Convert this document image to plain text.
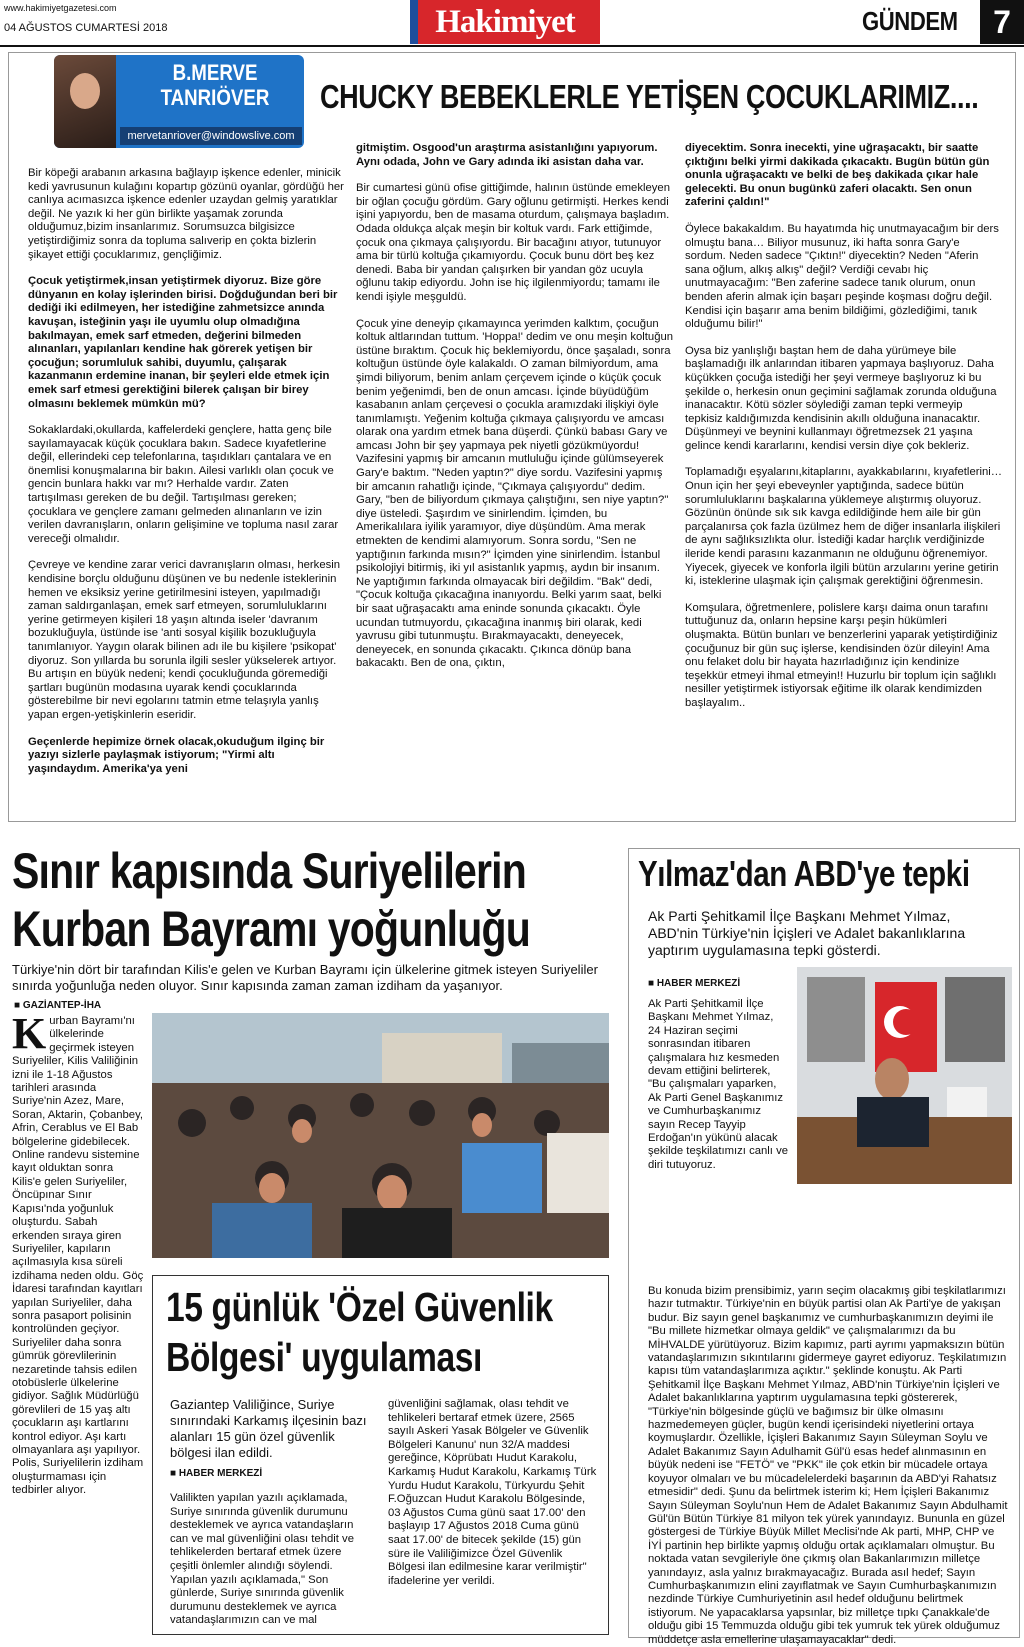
www.hakimiyetgazetesi.com
04 AĞUSTOS CUMARTESİ 2018	Hakimiyet	GÜNDEM	7
B.MERVE TANRIÖVER
mervetanriover@windowslive.com
CHUCKY BEBEKLERLE YETİŞEN ÇOCUKLARIMIZ....

Bir köpeği arabanın arkasına bağlayıp işkence edenler, minicik kedi yavrusunun kulağını kopartıp gözünü oyanlar, gördüğü her canlıya acımasızca işkence edenler uzaydan gelmiş yaratıklar değil. Ne yazık ki her gün birlikte yaşamak zorunda olduğumuz,bizim insanlarımız. Sorumsuzca bilgisizce yetiştirdiğimiz sonra da topluma salıverip en çokta bizlerin şikayet ettiği çocuklarımız, gençliğimiz.

Çocuk yetiştirmek,insan yetiştirmek diyoruz. Bize göre dünyanın en kolay işlerinden birisi. Doğduğundan beri bir dediği iki edilmeyen, her istediğine zahmetsizce anında kavuşan, isteğinin yaşı ile uyumlu olup olmadığına bakılmayan, emek sarf etmeden, değerini bilmeden alınanları, yapılanları kendine hak görerek yetişen bir çocuğun; sorumluluk sahibi, duyumlu, çalışarak kazanmanın erdemine inanan, bir şeyleri elde etmek için emek sarf etmesi gerektiğini bilerek çalışan bir birey olmasını beklemek mümkün mü?

Sokaklardaki,okullarda, kaffelerdeki gençlere, hatta genç bile sayılamayacak küçük çocuklara bakın. Sadece kıyafetlerine değil, ellerindeki cep telefonlarına, taşıdıkları çantalara ve en önemlisi konuşmalarına bir bakın. Ailesi varlıklı olan çocuk ve gencin bunlara hakkı var mı? Herhalde vardır. Zaten tartışılması gereken de bu değil. Tartışılması gereken; çocuklara ve gençlere zamanı gelmeden alınanların ve izin verilen davranışların, onların gelişimine ve topluma nasıl zarar vereceği olmalıdır.

Çevreye ve kendine zarar verici davranışların olması, herkesin kendisine borçlu olduğunu düşünen ve bu nedenle isteklerinin hemen ve eksiksiz yerine getirilmesini isteyen, yapılmadığı zaman saldırganlaşan, emek sarf etmeyen, sorumluluklarını yerine getirmeyen kişileri 18 yaşın altında iseler 'davranım bozukluğuyla, üstünde ise 'anti sosyal kişilik bozukluğuyla tanımlanıyor. Yaygın olarak bilinen adı ile bu kişilere 'psikopat' diyoruz. Son yıllarda bu sorunla ilgili sesler yükselerek artıyor. Bu artışın en büyük nedeni; kendi çocukluğunda göremediği şartları bugünün modasına uyarak kendi çocuklarında gösterebilme bir nevi egolarını tatmin etme telaşıyla yanlış yapan ergen-yetişkinlerin eseridir.

Geçenlerde hepimize örnek olacak,okuduğum ilginç bir yazıyı sizlerle paylaşmak istiyorum; "Yirmi altı yaşındaydım. Amerika'ya yeni

gitmiştim. Osgood'un araştırma asistanlığını yapıyorum. Aynı odada, John ve Gary adında iki asistan daha var.

Bir cumartesi günü ofise gittiğimde, halının üstünde emekleyen bir oğlan çocuğu gördüm. Gary oğlunu getirmişti. Herkes kendi işini yapıyordu, ben de masama oturdum, çalışmaya başladım. Odada oldukça alçak meşin bir koltuk vardı. Fark ettiğimde, çocuk ona çıkmaya çalışıyordu. Bir bacağını atıyor, tutunuyor ama bir türlü koltuğa çıkamıyordu. Çocuk bunu dört beş kez denedi. Baba bir yandan çalışırken bir yandan göz ucuyla oğlunu takip ediyordu. John ise hiç ilgilenmiyordu; tamamı ile kendi işiyle meşguldü.

Çocuk yine deneyip çıkamayınca yerimden kalktım, çocuğun koltuk altlarından tuttum. 'Hoppa!' dedim ve onu meşin koltuğun üstüne bıraktım. Çocuk hiç beklemiyordu, önce şaşaladı, sonra koltuğun üstünde öyle kalakaldı. O zaman bilmiyordum, ama şimdi biliyorum, benim anlam çerçevem içinde o küçük çocuk benim yeğenimdi, ben de onun amcası. İçinde büyüdüğüm kasabanın anlam çerçevesi o çocukla aramızdaki ilişkiyi öyle tanımlamıştı. Yeğenim koltuğa çıkmaya çalışıyordu ve amcası olarak ona yardım etmek bana düşerdi. Çünkü babası Gary ve amcası John bir şey yapmaya pek niyetli gözükmüyordu! Vazifesini yapmış bir amcanın mutluluğu içinde gülümseyerek Gary'e baktım. "Neden yaptın?" diye sordu. Vazifesini yapmış bir amcanın rahatlığı içinde, "Çıkmaya çalışıyordu" dedim. Gary, "ben de biliyordum çıkmaya çalıştığını, sen niye yaptın?" diye üsteledi. Şaşırdım ve sinirlendim. İçimden, bu Amerikalılara iyilik yaramıyor, diye düşündüm. Ama merak etmekten de kendimi alamıyorum. Sonra sordu, "Sen ne yaptığının farkında mısın?" İçimden yine sinirlendim. İstanbul psikolojiyi bitirmiş, iki yıl asistanlık yapmış, aydın bir insanım. Ne yaptığımın farkında olmayacak biri değildim. "Bak" dedi, "Çocuk koltuğa çıkacağına inanıyordu. Belki yarım saat, belki bir saat uğraşacaktı ama eninde sonunda çıkacaktı. Öyle ucundan tutmuyordu, çıkacağına inanmış biri olarak, kedi yavrusu gibi tutunmuştu. Bırakmayacaktı, deneyecek, deneyecek, en sonunda çıkacaktı. Çıkınca dönüp bana bakacaktı. Ben de ona, çıktın,

diyecektim. Sonra inecekti, yine uğraşacaktı, bir saatte çıktığını belki yirmi dakikada çıkacaktı. Bugün bütün gün onunla uğraşacaktı ve belki de beş dakikada çıkar hale gelecekti. Bu onun bugünkü zaferi olacaktı. Sen onun zaferini çaldın!"

Öylece bakakaldım. Bu hayatımda hiç unutmayacağım bir ders olmuştu bana… Biliyor musunuz, iki hafta sonra Gary'e sordum. Neden sadece "Çıktın!" diyecektin? Neden "Aferin sana oğlum, alkış alkış" değil? Verdiği cevabı hiç unutmayacağım: "Ben zaferine sadece tanık olurum, onun benden aferin almak için başarı peşinde koşması doğru değil. Kendisi için başarır ama benim bildiğimi, gözlediğimi, tanık olduğumu bilir!"

Oysa biz yanlışlığı baştan hem de daha yürümeye bile başlamadığı ilk anlarından itibaren yapmaya başlıyoruz. Daha küçükken çocuğa istediği her şeyi vermeye başlıyoruz ki bu şekilde o, herkesin onun geçimini sağlamak zorunda olduğuna inanacaktır. Kötü sözler söylediği zaman tepki vermeyip tepkisiz kaldığımızda kendisinin akıllı olduğuna inanacaktır. Düşünmeyi ve beynini kullanmayı öğretmezsek 21 yaşına gelince kendi kararlarını, kendisi versin diye çok bekleriz.

Toplamadığı eşyalarını,kitaplarını, ayakkabılarını, kıyafetlerini… Onun için her şeyi ebeveynler yaptığında, sadece bütün sorumluluklarını başkalarına yüklemeye alıştırmış oluyoruz. Gözünün önünde sık sık kavga edildiğinde hem aile bir gün parçalanırsa çok fazla üzülmez hem de diğer insanlarla ilişkileri de aynı sağlıksızlıkta olur. İstediği kadar harçlık verdiğinizde ileride kendi parasını kazanmanın ne olduğunu öğrenemiyor. Yiyecek, giyecek ve konforla ilgili bütün arzularını yerine getirin ki, isteklerine ulaşmak için çalışmak gerektiğini öğrenmesin.

Komşulara, öğretmenlere, polislere karşı daima onun tarafını tuttuğunuz da, onların hepsine karşı peşin hükümleri oluşmakta. Bütün bunları ve benzerlerini yaparak yetiştirdiğiniz çocuğunuz bir gün suç işlerse, kendisinden özür dileyin! Ama onu felaket dolu bir hayata hazırladığınız için kendinize teşekkür etmeyi ihmal etmeyin!! Huzurlu bir toplum için sağlıklı nesiller yetiştirmek istiyorsak eğitime ilk olarak kendimizden başlayalım..

Sınır kapısında Suriyelilerin Kurban Bayramı yoğunluğu

Türkiye'nin dört bir tarafından Kilis'e gelen ve Kurban Bayramı için ülkelerine gitmek isteyen Suriyeliler sınırda yoğunluğa neden oluyor. Sınır kapısında zaman zaman izdiham da yaşanıyor.

■ GAZİANTEP-İHA
Kurban Bayramı'nı ülkelerinde geçirmek isteyen Suriyeliler, Kilis Valiliğinin izni ile 1-18 Ağustos tarihleri arasında Suriye'nin Azez, Mare, Soran, Aktarin, Çobanbey, Afrin, Cerablus ve El Bab bölgelerine gidebilecek. Online randevu sistemine kayıt olduktan sonra Kilis'e gelen Suriyeliler, Öncüpınar Sınır Kapısı'nda yoğunluk oluşturdu. Sabah erkenden sıraya giren Suriyeliler, kapıların açılmasıyla kısa süreli izdihama neden oldu. Göç İdaresi tarafından kayıtları yapılan Suriyeliler, daha sonra pasaport polisinin kontrolünden geçiyor. Suriyeliler daha sonra gümrük görevlilerinin nezaretinde tahsis edilen otobüslerle ülkelerine gidiyor. Sağlık Müdürlüğü görevlileri de 15 yaş altı çocukların aşı kartlarını kontrol ediyor. Aşı kartı olmayanlara aşı yapılıyor. Polis, Suriyelilerin izdiham oluşturmaması için tedbirler alıyor.
15 günlük 'Özel Güvenlik Bölgesi' uygulaması

Gaziantep Valiliğince, Suriye sınırındaki Karkamış ilçesinin bazı alanları 15 gün özel güvenlik bölgesi ilan edildi.

■ HABER MERKEZİ

Valilikten yapılan yazılı açıklamada, Suriye sınırında güvenlik durumunu desteklemek ve ayrıca vatandaşların can ve mal güvenliğini olası tehdit ve tehlikelerden bertaraf etmek üzere çeşitli önlemler alındığı söylendi. Yapılan yazılı açıklamada," Son günlerde, Suriye sınırında güvenlik durumunu desteklemek ve ayrıca vatandaşlarımızın can ve mal

güvenliğini sağlamak, olası tehdit ve tehlikeleri bertaraf etmek üzere, 2565 sayılı Askeri Yasak Bölgeler ve Güvenlik Bölgeleri Kanunu' nun 32/A maddesi gereğince, Köprübatı Hudut Karakolu, Karkamış Hudut Karakolu, Karkamış Türk Yurdu Hudut Karakolu, Türkyurdu Şehit F.Oğuzcan Hudut Karakolu Bölgesinde, 03 Ağustos Cuma günü saat 17.00' den başlayıp 17 Ağustos 2018 Cuma günü saat 17.00' de bitecek şekilde (15) gün süre ile Valiliğimizce Özel Güvenlik Bölgesi ilan edilmesine karar verilmiştir" ifadelerine yer verildi.

Yılmaz'dan ABD'ye tepki

Ak Parti Şehitkamil İlçe Başkanı Mehmet Yılmaz, ABD'nin Türkiye'nin İçişleri ve Adalet bakanlıklarına yaptırım uygulamasına tepki gösterdi.

■ HABER MERKEZİ

Ak Parti Şehitkamil İlçe Başkanı Mehmet Yılmaz, 24 Haziran seçimi sonrasından itibaren çalışmalara hız kesmeden devam ettiğini belirterek, "Bu çalışmaları yaparken, Ak Parti Genel Başkanımız ve Cumhurbaşkanımız sayın Recep Tayyip Erdoğan'ın yükünü alacak şekilde teşkilatımızı canlı ve diri tutuyoruz.

Bu konuda bizim prensibimiz, yarın seçim olacakmış gibi teşkilatlarımızı hazır tutmaktır. Türkiye'nin en büyük partisi olan Ak Parti'ye de yakışan budur. Biz sayın genel başkanımız ve cumhurbaşkanımızın deyimi ile "Bu millete hizmetkar olmaya geldik" ve çalışmalarımızı da bu MİHVALDE yürütüyoruz. Bizim kapımız, parti ayrımı yapmaksızın bütün vatandaşlarımızın sıkıntılarını gidermeye gayret ediyoruz. Teşkilatımızın kapısı tüm vatandaşlarımıza açıktır." şeklinde konuştu. Ak Parti Şehitkamil İlçe Başkanı Mehmet Yılmaz, ABD'nin Türkiye'nin İçişleri ve Adalet bakanlıklarına yaptırım uygulamasına tepki göstererek, "Türkiye'nin bölgesinde güçlü ve bağımsız bir ülke olmasını hazmedemeyen güçler, bugün kendi içerisindeki niyetlerini ortaya koymuşlardır. Özellikle, İçişleri Bakanımız Sayın Süleyman Soylu ve Adalet Bakanımız Sayın Adulhamit Gül'ü esas hedef alınmasının en büyük nedeni ise "FETÖ" ve "PKK" ile çok etkin bir mücadele ortaya koyuyor olmaları ve bu mücadelelerdeki başarının da ABD'yi Rahatsız etmesidir" dedi. Şunu da belirtmek isterim ki; Hem İçişleri Bakanımız Sayın Süleyman Soylu'nun Hem de Adalet Bakanımız Sayın Abdulhamit Gül'ün Bütün Türkiye 81 milyon tek yürek yanındayız. Bununla en güzel göstergesi de Türkiye Büyük Millet Meclisi'nde Ak parti, MHP, CHP ve İYİ partinin hep birlikte yapmış olduğu ortak açıklamaları olmuştur. Bu noktada vatan sevgileriyle öne çıkmış olan Bakanlarımızın milletçe yanındayız, asla yalnız bırakmayacağız. Burada asıl hedef; Sayın Cumhurbaşkanımızın elini zayıflatmak ve Sayın Cumhurbaşkanımızın nezdinde Türkiye Cumhuriyetinin asıl hedef olduğunu belirtmek istiyorum. Ne yapacaklarsa yapsınlar, biz milletçe tıpkı Çanakkale'de olduğu gibi 15 Temmuzda olduğu gibi tek yumruk tek yürek olduğumuz müddetçe asla emellerine ulaşamayacaklar" dedi.
